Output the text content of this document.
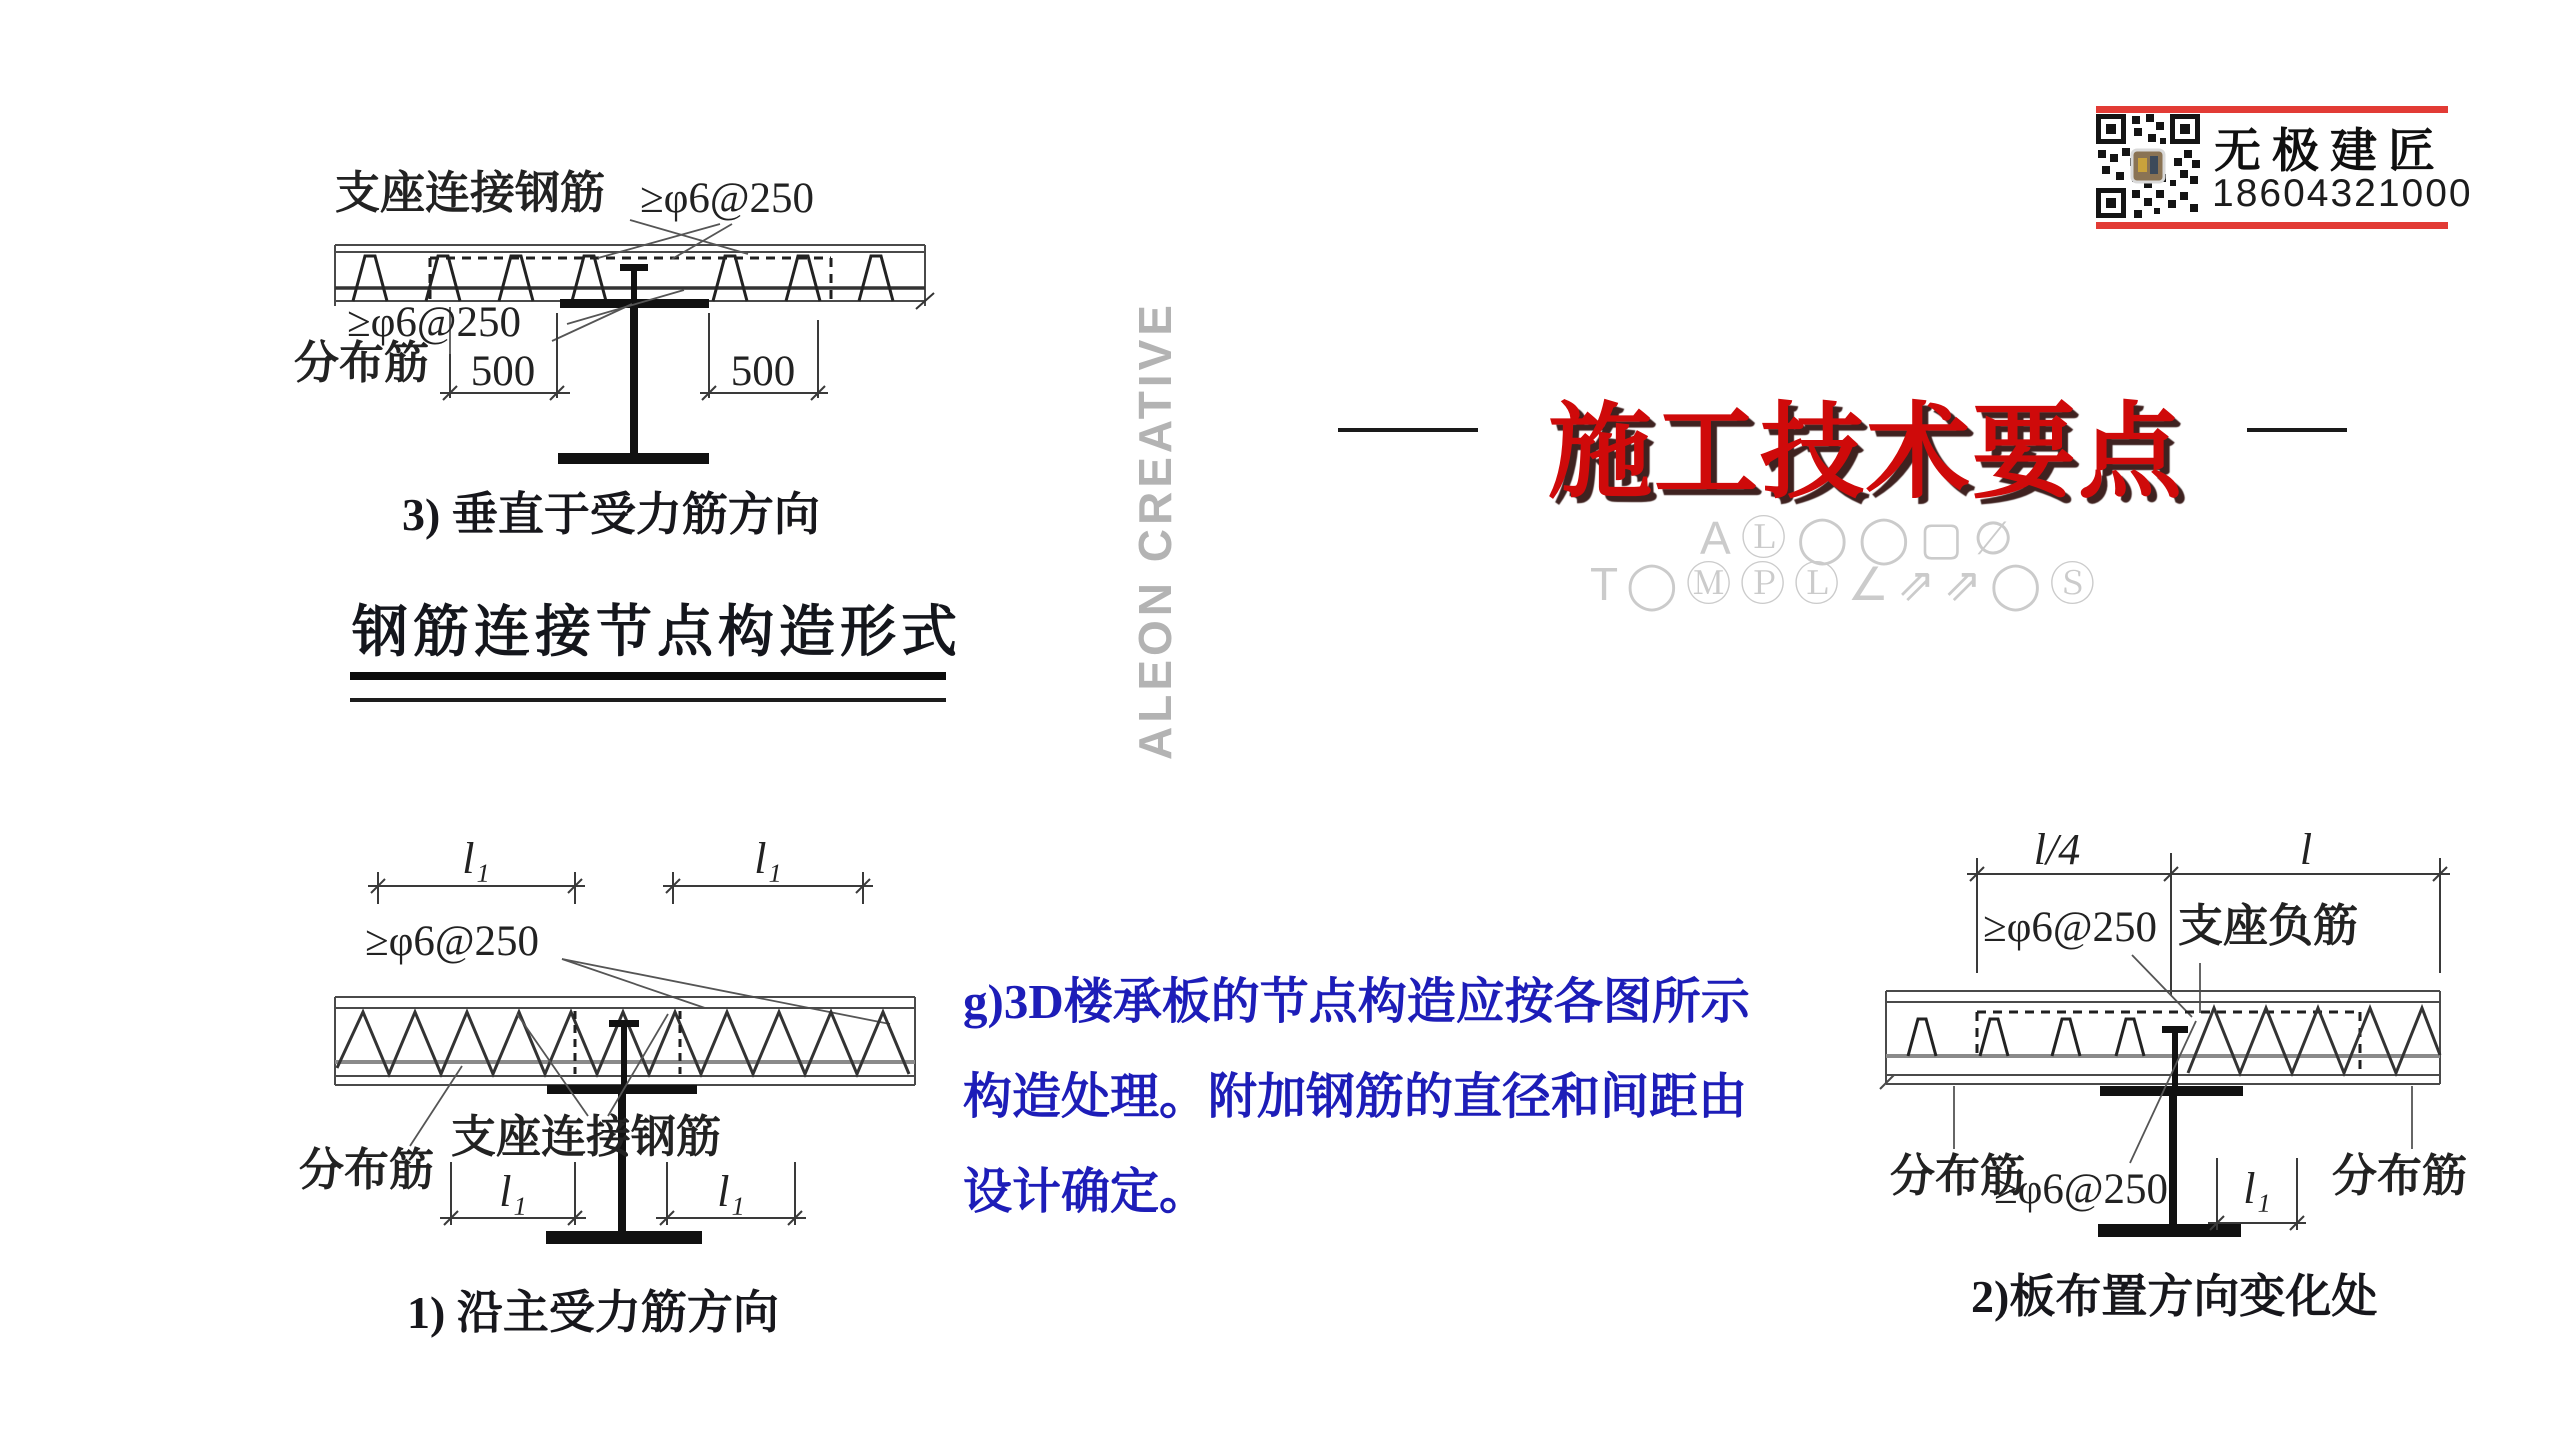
施工技术要点
AⓁ◯◯▢∅
T◯ⓂⓅⓁ∠⇗⇗◯Ⓢ
ALEON CREATIVE
钢筋连接节点构造形式
g)3D楼承板的节点构造应按各图所示
构造处理。附加钢筋的直径和间距由
设计确定。
无极建匠
18604321000
支座连接钢筋 ≥φ6@250
≥φ6@250
分布筋 500	500
3) 垂直于受力筋方向
l₁	l₁
≥φ6@250
分布筋
支座连接钢筋
l₁	l₁
1) 沿主受力筋方向
l/4	l
≥φ6@250 支座负筋
分布筋
≥φ6@250	分布筋
l₁
2)板布置方向变化处
